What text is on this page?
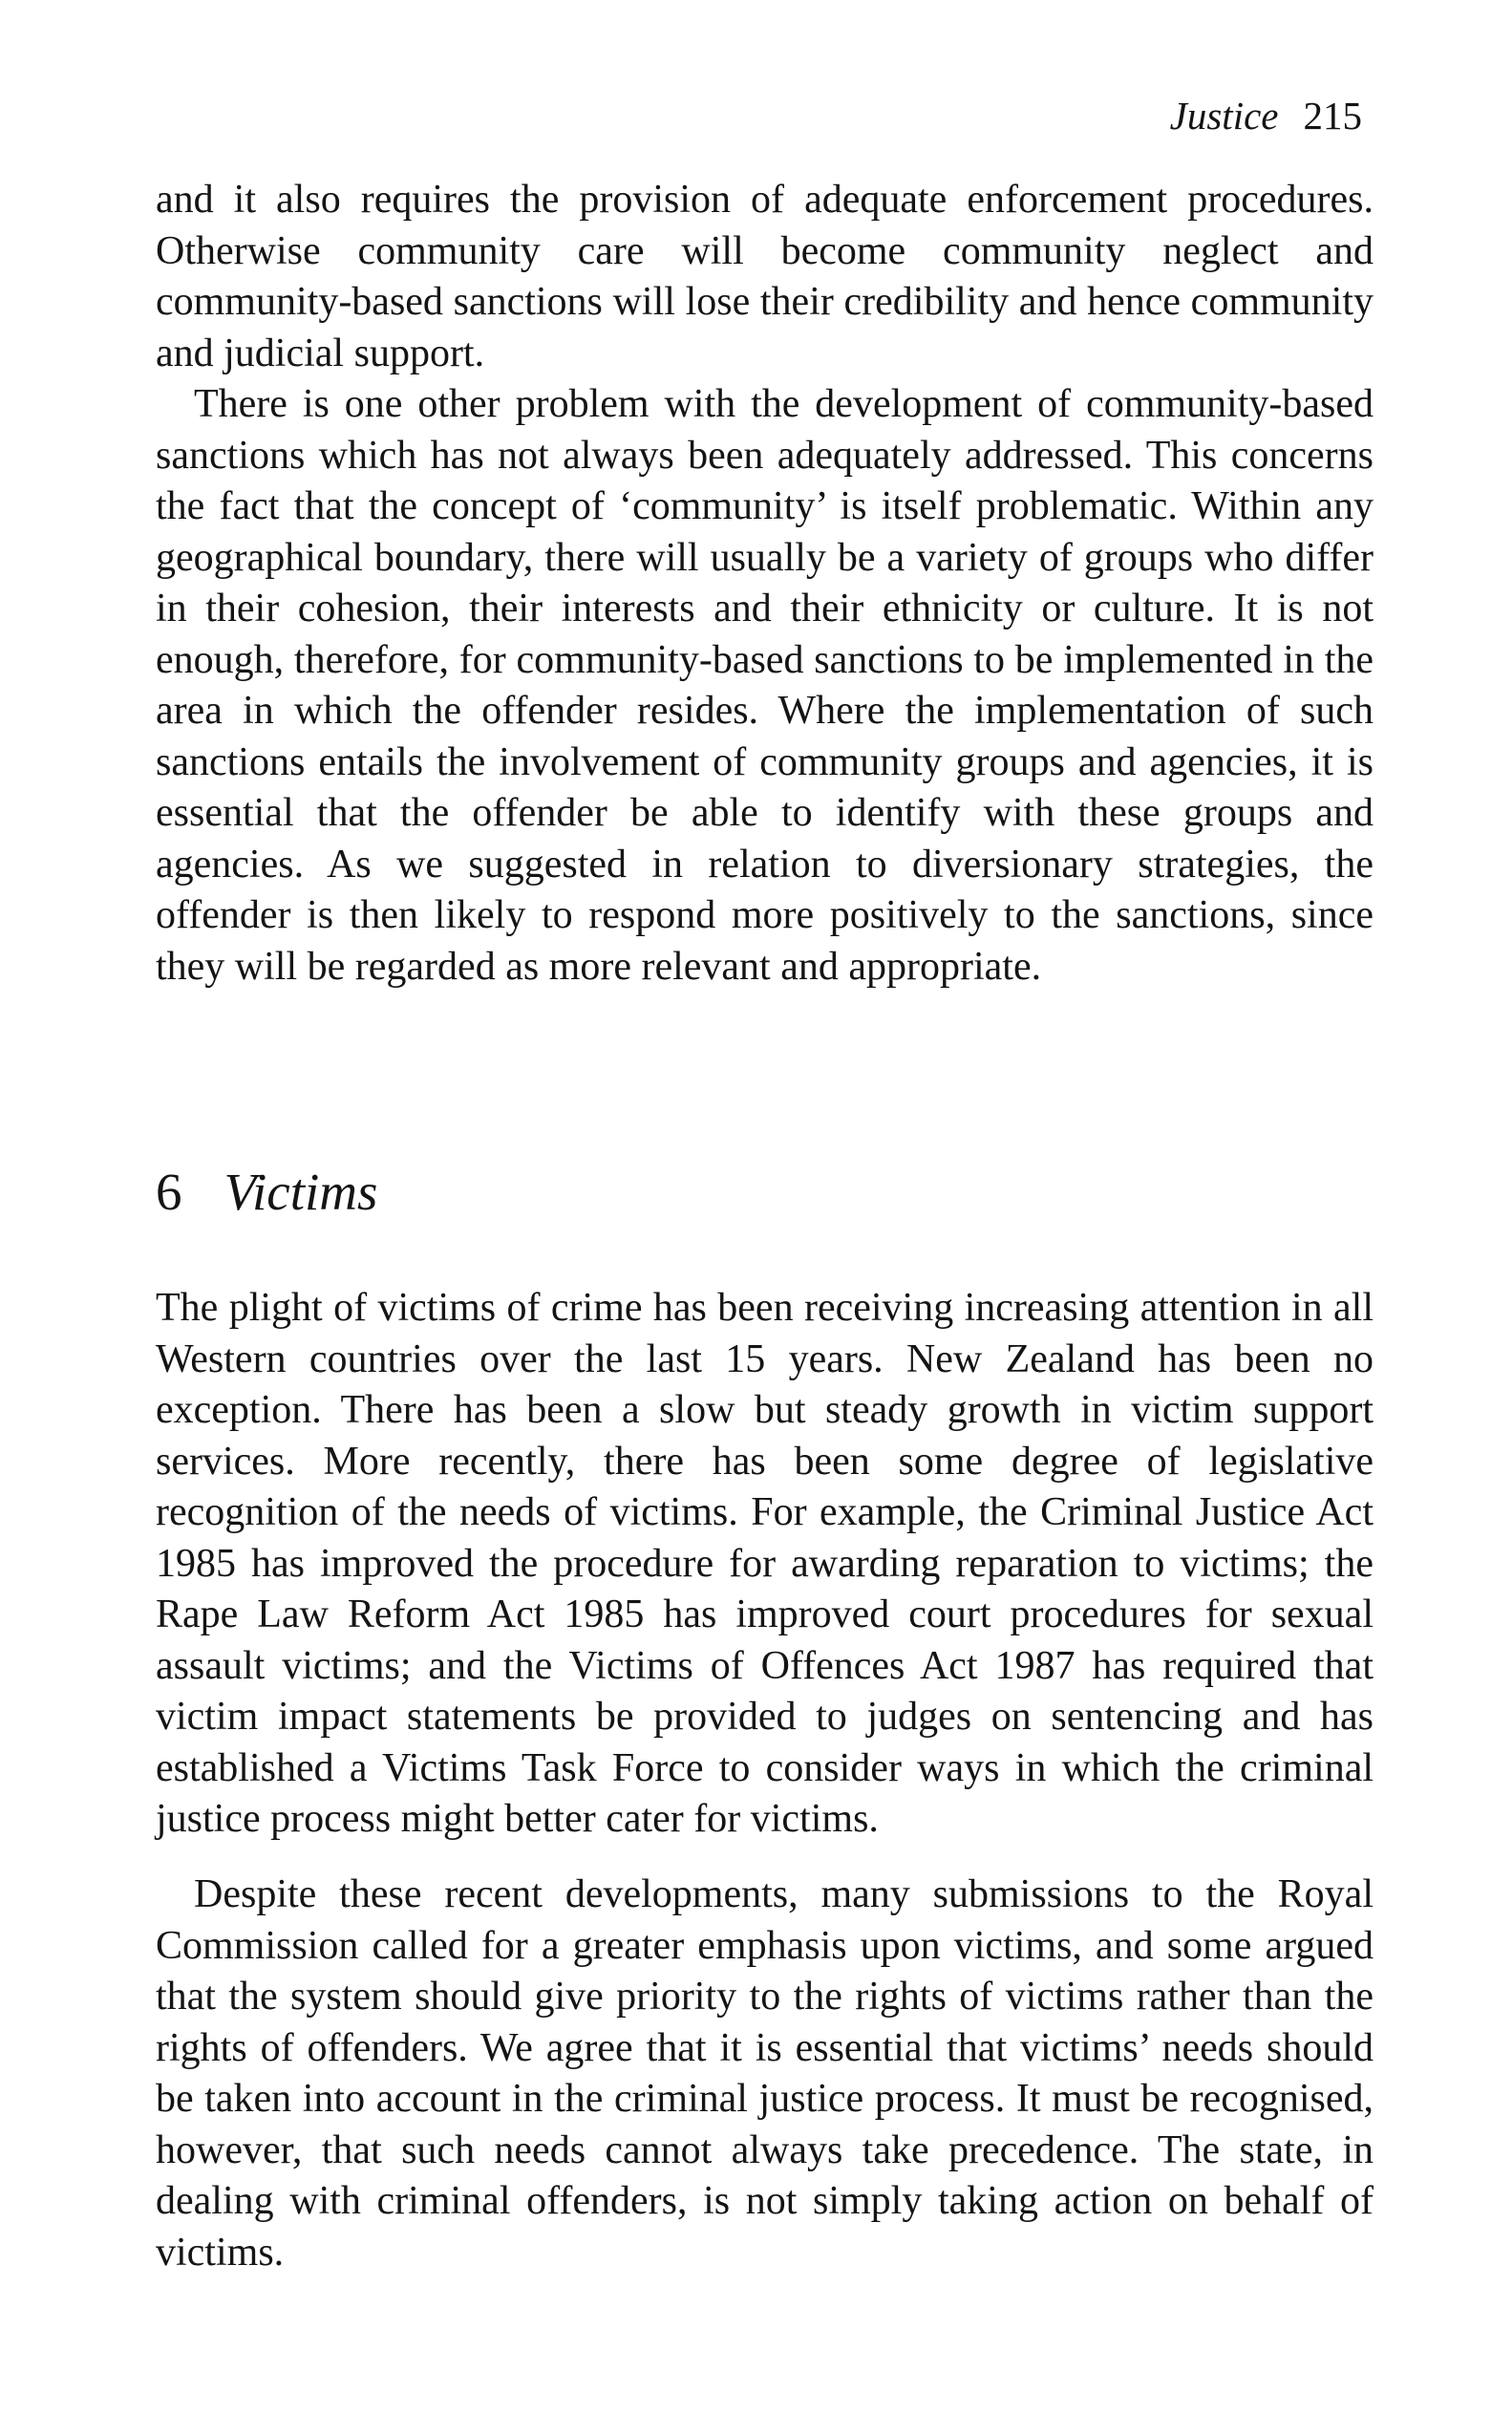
Justice 215

and it also requires the provision of adequate enforcement procedures. Otherwise community care will become community neglect and community-based sanctions will lose their credibility and hence community and judicial support.

There is one other problem with the development of community-based sanctions which has not always been adequately addressed. This concerns the fact that the concept of ‘community’ is itself problematic. Within any geographical boundary, there will usually be a variety of groups who differ in their cohesion, their interests and their ethnicity or culture. It is not enough, therefore, for community-based sanctions to be implemented in the area in which the offender resides. Where the implementation of such sanctions entails the involvement of community groups and agencies, it is essential that the offender be able to identify with these groups and agencies. As we suggested in relation to diversionary strategies, the offender is then likely to respond more positively to the sanctions, since they will be regarded as more relevant and appropriate.

6 Victims

The plight of victims of crime has been receiving increasing attention in all Western countries over the last 15 years. New Zealand has been no exception. There has been a slow but steady growth in victim support services. More recently, there has been some degree of legislative recognition of the needs of victims. For example, the Criminal Justice Act 1985 has improved the procedure for awarding reparation to victims; the Rape Law Reform Act 1985 has improved court procedures for sexual assault victims; and the Victims of Offences Act 1987 has required that victim impact statements be provided to judges on sentencing and has established a Victims Task Force to consider ways in which the criminal justice process might better cater for victims.

Despite these recent developments, many submissions to the Royal Commission called for a greater emphasis upon victims, and some argued that the system should give priority to the rights of victims rather than the rights of offenders. We agree that it is essential that victims’ needs should be taken into account in the criminal justice process. It must be recognised, however, that such needs cannot always take precedence. The state, in dealing with criminal offenders, is not simply taking action on behalf of victims.
